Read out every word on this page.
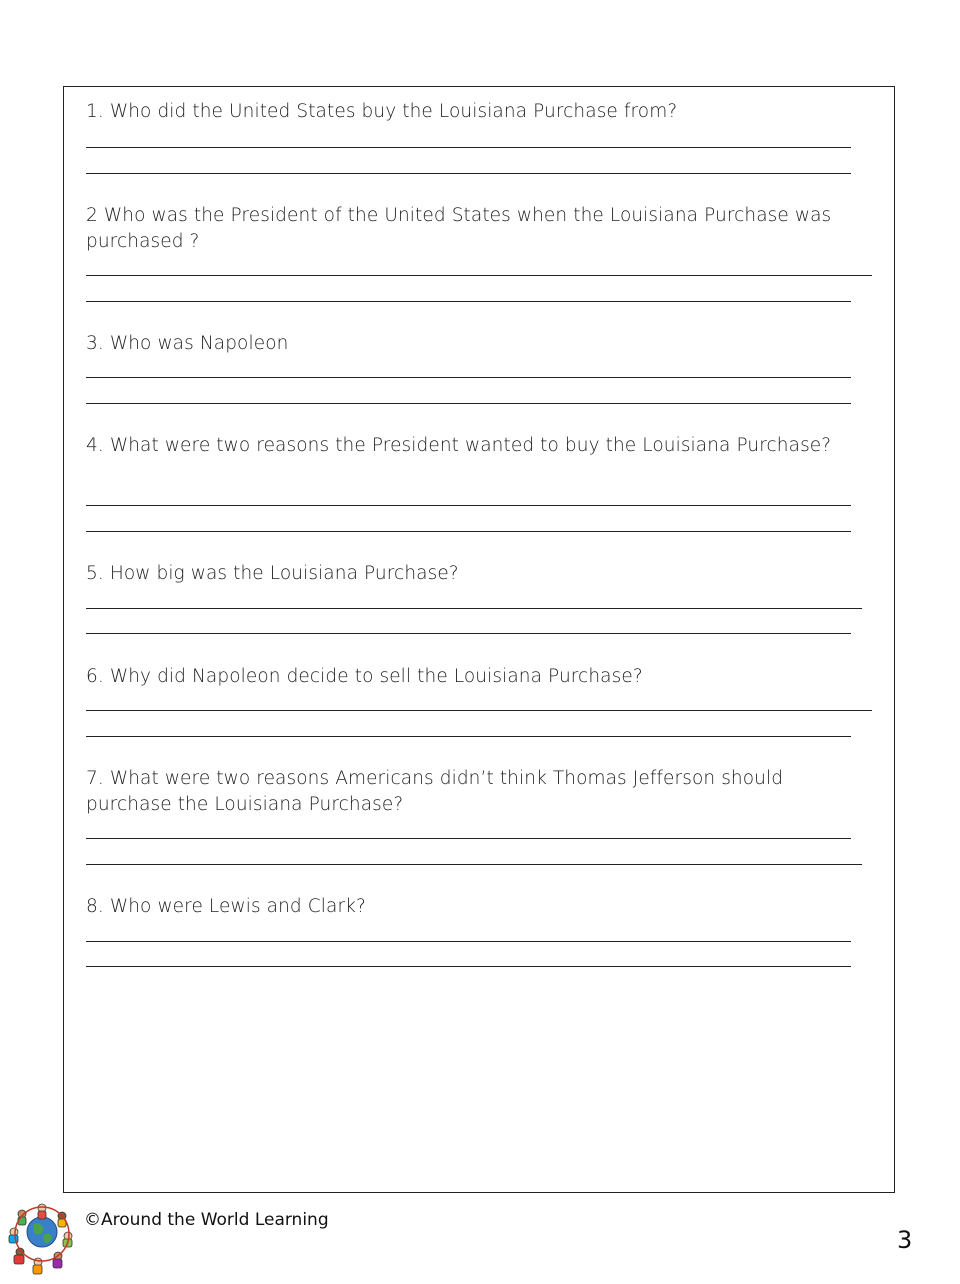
1. Who did the United States buy the Louisiana Purchase from?
2 Who was the President of the United States when the Louisiana Purchase was purchased ?
3. Who was Napoleon
4. What were two reasons the President wanted to buy the Louisiana Purchase?
5. How big was the Louisiana Purchase?
6. Why did Napoleon decide to sell the Louisiana Purchase?
7. What were two reasons Americans didn’t think Thomas Jefferson should purchase the Louisiana Purchase?
8. Who were Lewis and Clark?
©Around the World Learning
3
